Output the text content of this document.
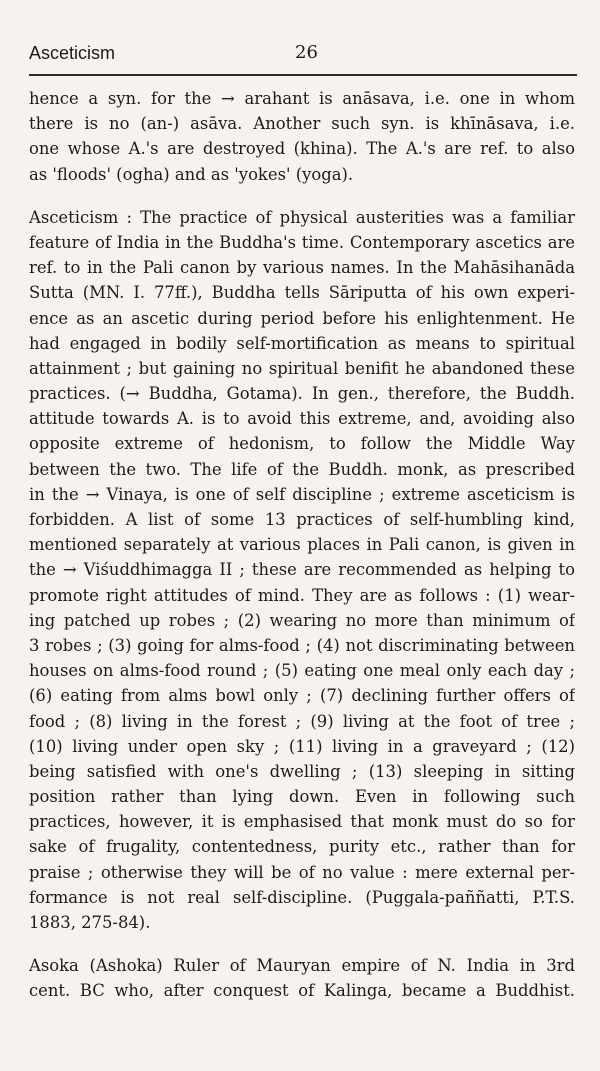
Asceticism	26
hence a syn. for the → arahant is anāsava, i.e. one in whom
there is no (an-) asāva. Another such syn. is khīnāsava, i.e.
one whose A.'s are destroyed (khina). The A.'s are ref. to also
as 'floods' (ogha) and as 'yokes' (yoga).
Asceticism : The practice of physical austerities was a familiar
feature of India in the Buddha's time. Contemporary ascetics are
ref. to in the Pali canon by various names. In the Mahāsihanāda
Sutta (MN. I. 77ff.), Buddha tells Sāriputta of his own experi-
ence as an ascetic during period before his enlightenment. He
had engaged in bodily self-mortification as means to spiritual
attainment ; but gaining no spiritual benifit he abandoned these
practices. (→ Buddha, Gotama). In gen., therefore, the Buddh.
attitude towards A. is to avoid this extreme, and, avoiding also
opposite extreme of hedonism, to follow the Middle Way
between the two. The life of the Buddh. monk, as prescribed
in the → Vinaya, is one of self discipline ; extreme asceticism is
forbidden. A list of some 13 practices of self-humbling kind,
mentioned separately at various places in Pali canon, is given in
the → Viśuddhimagga II ; these are recommended as helping to
promote right attitudes of mind. They are as follows : (1) wear-
ing patched up robes ; (2) wearing no more than minimum of
3 robes ; (3) going for alms-food ; (4) not discriminating between
houses on alms-food round ; (5) eating one meal only each day ;
(6) eating from alms bowl only ; (7) declining further offers of
food ; (8) living in the forest ; (9) living at the foot of tree ;
(10) living under open sky ; (11) living in a graveyard ; (12)
being satisfied with one's dwelling ; (13) sleeping in sitting
position rather than lying down. Even in following such
practices, however, it is emphasised that monk must do so for
sake of frugality, contentedness, purity etc., rather than for
praise ; otherwise they will be of no value : mere external per-
formance is not real self-discipline. (Puggala-paññatti, P.T.S.
1883, 275-84).
Asoka (Ashoka) Ruler of Mauryan empire of N. India in 3rd
cent. BC who, after conquest of Kalinga, became a Buddhist.
